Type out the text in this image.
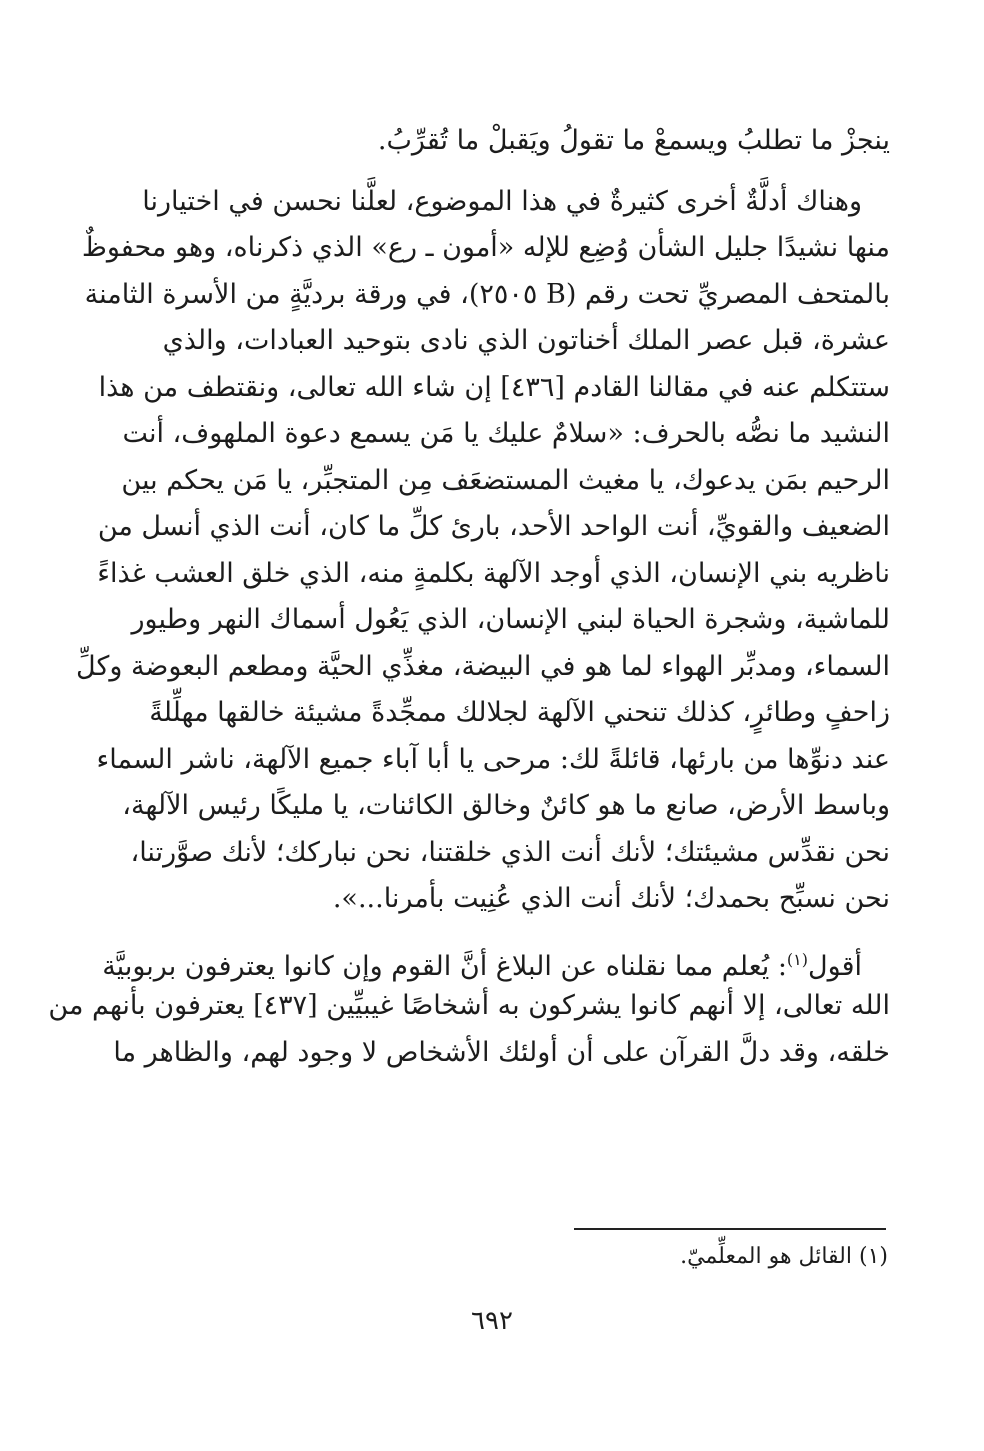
ينجزْ ما تطلبُ ويسمعْ ما تقولُ ويَقبلْ ما تُقرِّبُ.
وهناك أدلَّةٌ أخرى كثيرةٌ في هذا الموضوع، لعلَّنا نحسن في اختيارنا
منها نشيدًا جليل الشأن وُضِع للإله «أمون ـ رع» الذي ذكرناه، وهو محفوظٌ
بالمتحف المصريِّ تحت رقم (B ٢٥٠٥)، في ورقة برديَّةٍ من الأسرة الثامنة
عشرة، قبل عصر الملك أخناتون الذي نادى بتوحيد العبادات، والذي
ستتكلم عنه في مقالنا القادم [٤٣٦] إن شاء الله تعالى، ونقتطف من هذا
النشيد ما نصُّه بالحرف: «سلامٌ عليك يا مَن يسمع دعوة الملهوف، أنت
الرحيم بمَن يدعوك، يا مغيث المستضعَف مِن المتجبِّر، يا مَن يحكم بين
الضعيف والقويِّ، أنت الواحد الأحد، بارئ كلِّ ما كان، أنت الذي أنسل من
ناظريه بني الإنسان، الذي أوجد الآلهة بكلمةٍ منه، الذي خلق العشب غذاءً
للماشية، وشجرة الحياة لبني الإنسان، الذي يَعُول أسماك النهر وطيور
السماء، ومدبِّر الهواء لما هو في البيضة، مغذِّي الحيَّة ومطعم البعوضة وكلِّ
زاحفٍ وطائرٍ، كذلك تنحني الآلهة لجلالك ممجِّدةً مشيئة خالقها مهلِّلةً
عند دنوِّها من بارئها، قائلةً لك: مرحى يا أبا آباء جميع الآلهة، ناشر السماء
وباسط الأرض، صانع ما هو كائنٌ وخالق الكائنات، يا مليكًا رئيس الآلهة،
نحن نقدِّس مشيئتك؛ لأنك أنت الذي خلقتنا، نحن نباركك؛ لأنك صوَّرتنا،
نحن نسبِّح بحمدك؛ لأنك أنت الذي عُنِيت بأمرنا...».
أقول$^{(١)}$: يُعلم مما نقلناه عن البلاغ أنَّ القوم وإن كانوا يعترفون بربوبيَّة
الله تعالى، إلا أنهم كانوا يشركون به أشخاصًا غيبيِّين [٤٣٧] يعترفون بأنهم من
خلقه، وقد دلَّ القرآن على أن أولئك الأشخاص لا وجود لهم، والظاهر ما
(١) القائل هو المعلِّميّ.
٦٩٢
